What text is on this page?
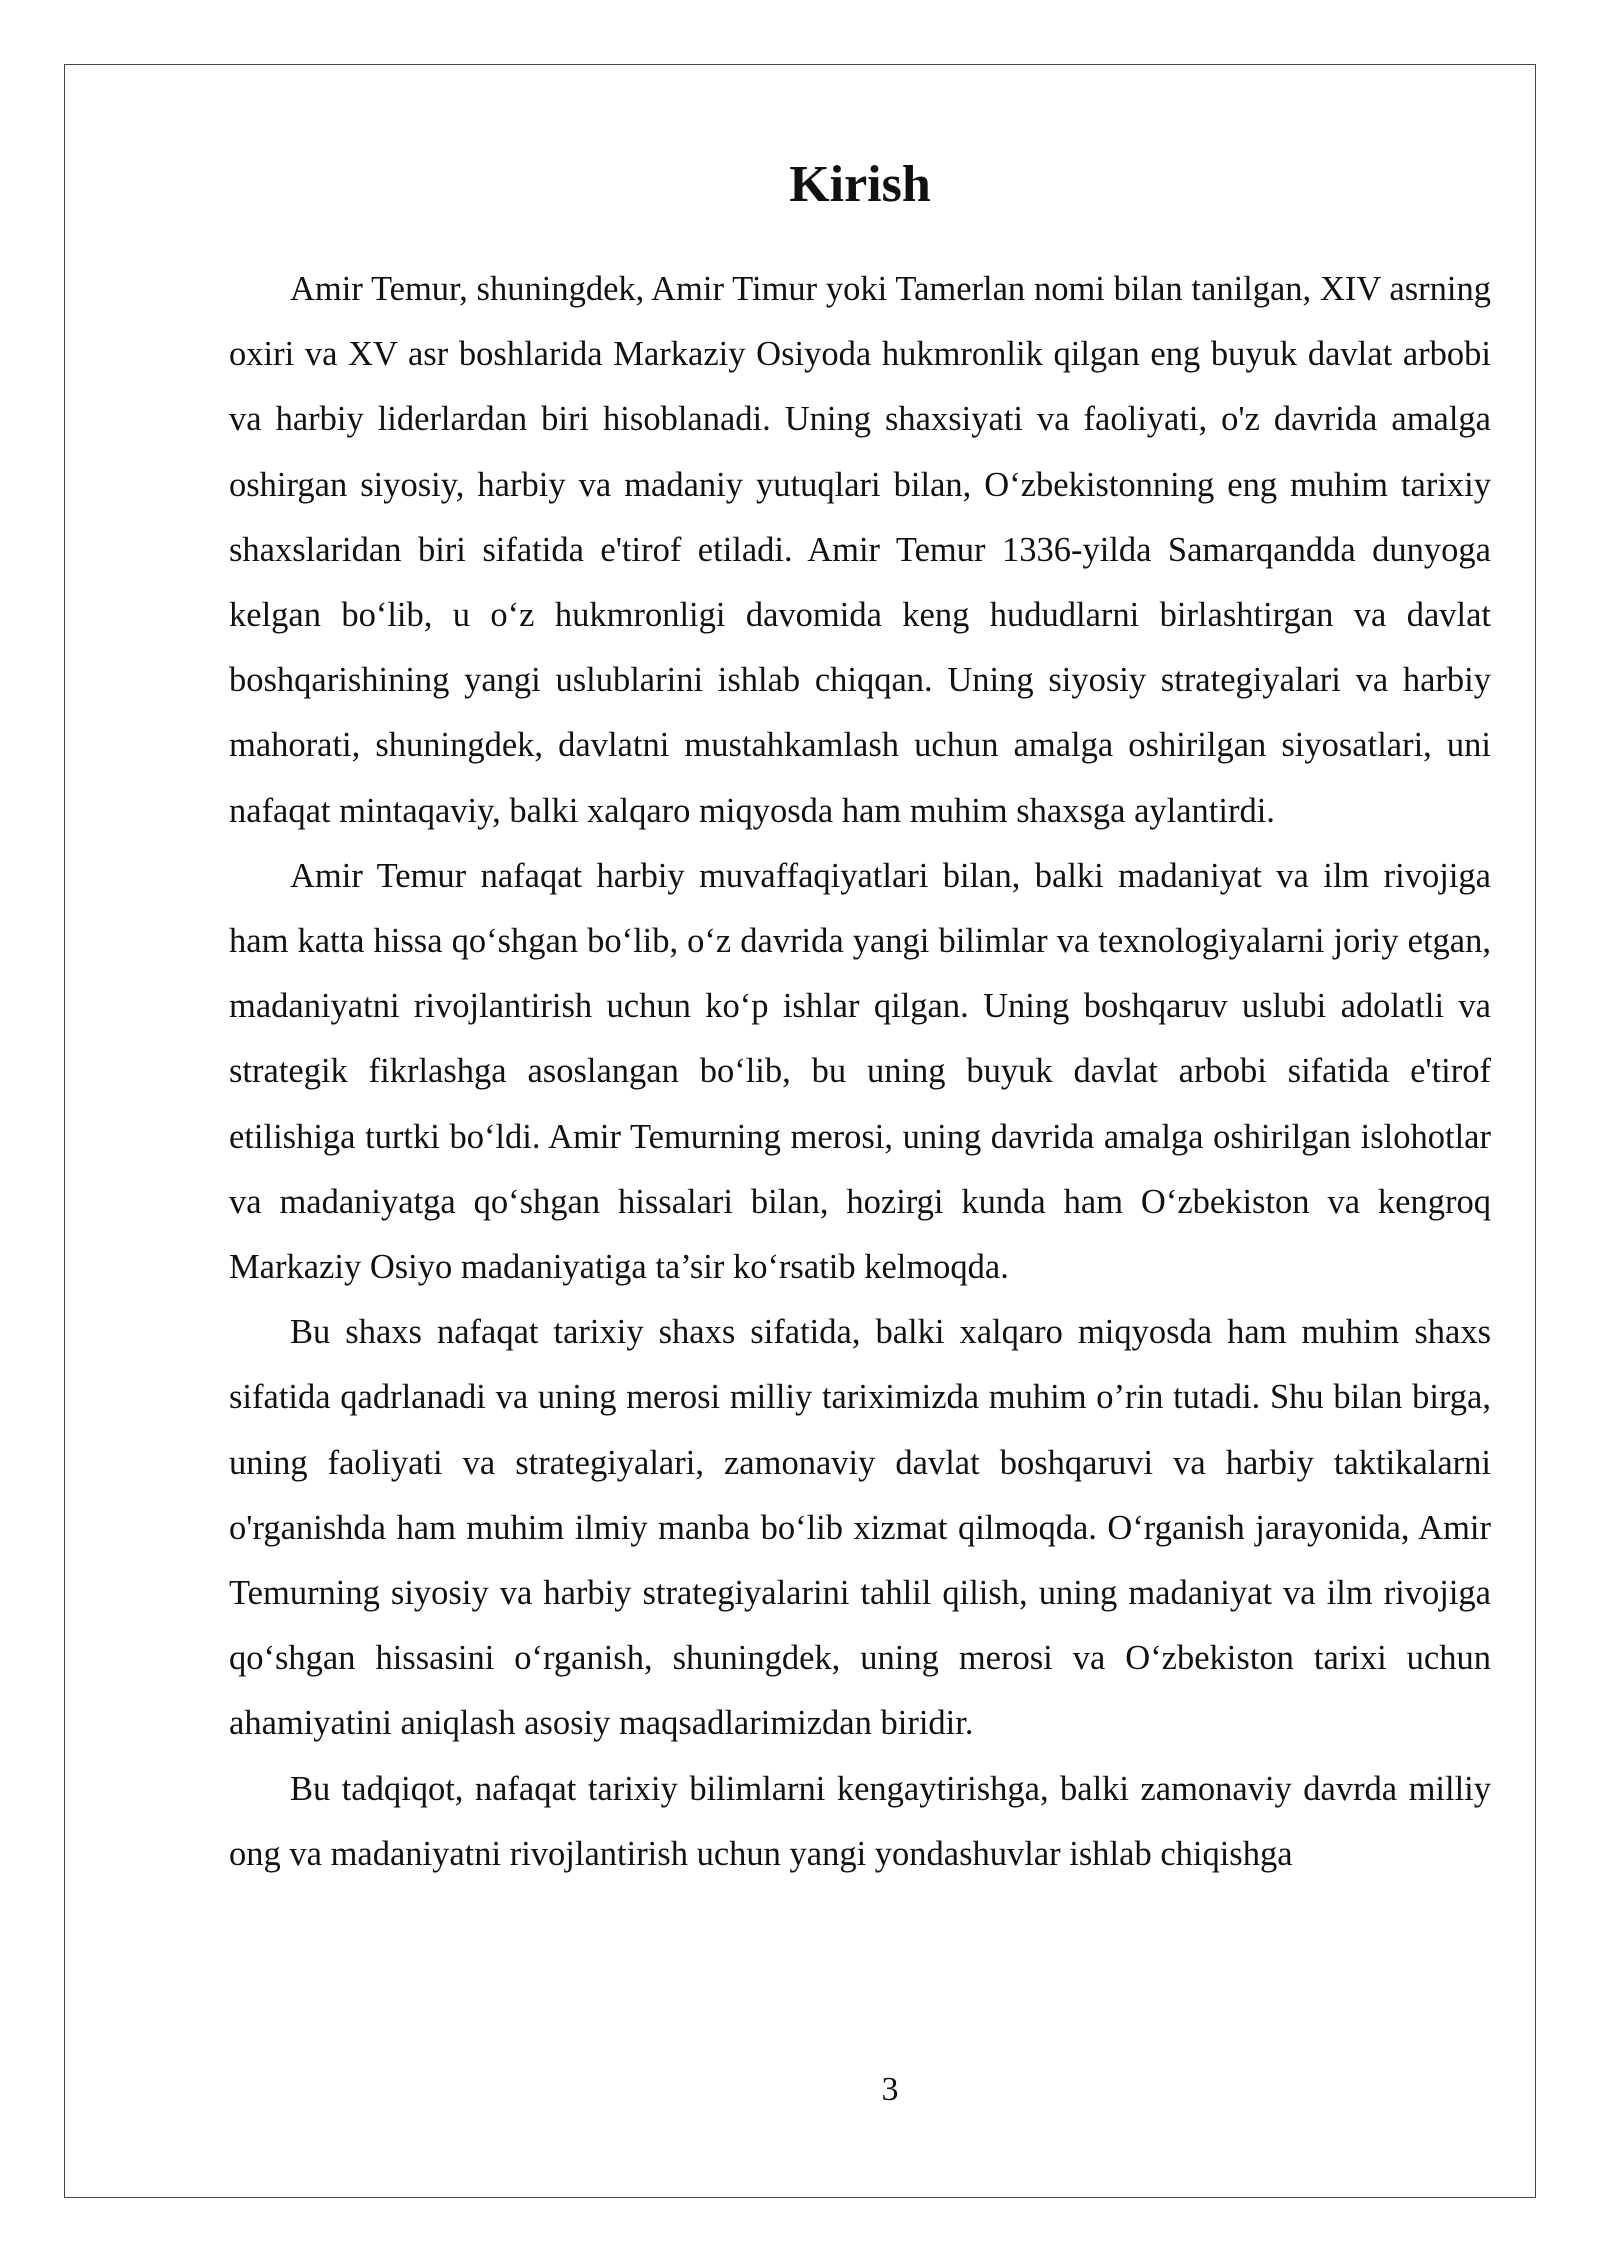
Kirish

Amir Temur, shuningdek, Amir Timur yoki Tamerlan nomi bilan tanilgan, XIV asrning oxiri va XV asr boshlarida Markaziy Osiyoda hukmronlik qilgan eng buyuk davlat arbobi va harbiy liderlardan biri hisoblanadi. Uning shaxsiyati va faoliyati, o'z davrida amalga oshirgan siyosiy, harbiy va madaniy yutuqlari bilan, O‘zbekistonning eng muhim tarixiy shaxslaridan biri sifatida e'tirof etiladi. Amir Temur 1336-yilda Samarqandda dunyoga kelgan bo‘lib, u o‘z hukmronligi davomida keng hududlarni birlashtirgan va davlat boshqarishining yangi uslublarini ishlab chiqqan. Uning siyosiy strategiyalari va harbiy mahorati, shuningdek, davlatni mustahkamlash uchun amalga oshirilgan siyosatlari, uni nafaqat mintaqaviy, balki xalqaro miqyosda ham muhim shaxsga aylantirdi.

Amir Temur nafaqat harbiy muvaffaqiyatlari bilan, balki madaniyat va ilm rivojiga ham katta hissa qo‘shgan bo‘lib, o‘z davrida yangi bilimlar va texnologiyalarni joriy etgan, madaniyatni rivojlantirish uchun ko‘p ishlar qilgan. Uning boshqaruv uslubi adolatli va strategik fikrlashga asoslangan bo‘lib, bu uning buyuk davlat arbobi sifatida e'tirof etilishiga turtki bo‘ldi. Amir Temurning merosi, uning davrida amalga oshirilgan islohotlar va madaniyatga qo‘shgan hissalari bilan, hozirgi kunda ham O‘zbekiston va kengroq Markaziy Osiyo madaniyatiga ta’sir ko‘rsatib kelmoqda.

Bu shaxs nafaqat tarixiy shaxs sifatida, balki xalqaro miqyosda ham muhim shaxs sifatida qadrlanadi va uning merosi milliy tariximizda muhim o’rin tutadi. Shu bilan birga, uning faoliyati va strategiyalari, zamonaviy davlat boshqaruvi va harbiy taktikalarni o'rganishda ham muhim ilmiy manba bo‘lib xizmat qilmoqda. O‘rganish jarayonida, Amir Temurning siyosiy va harbiy strategiyalarini tahlil qilish, uning madaniyat va ilm rivojiga qo‘shgan hissasini o‘rganish, shuningdek, uning merosi va O‘zbekiston tarixi uchun ahamiyatini aniqlash asosiy maqsadlarimizdan biridir.

Bu tadqiqot, nafaqat tarixiy bilimlarni kengaytirishga, balki zamonaviy davrda milliy ong va madaniyatni rivojlantirish uchun yangi yondashuvlar ishlab chiqishga

3
